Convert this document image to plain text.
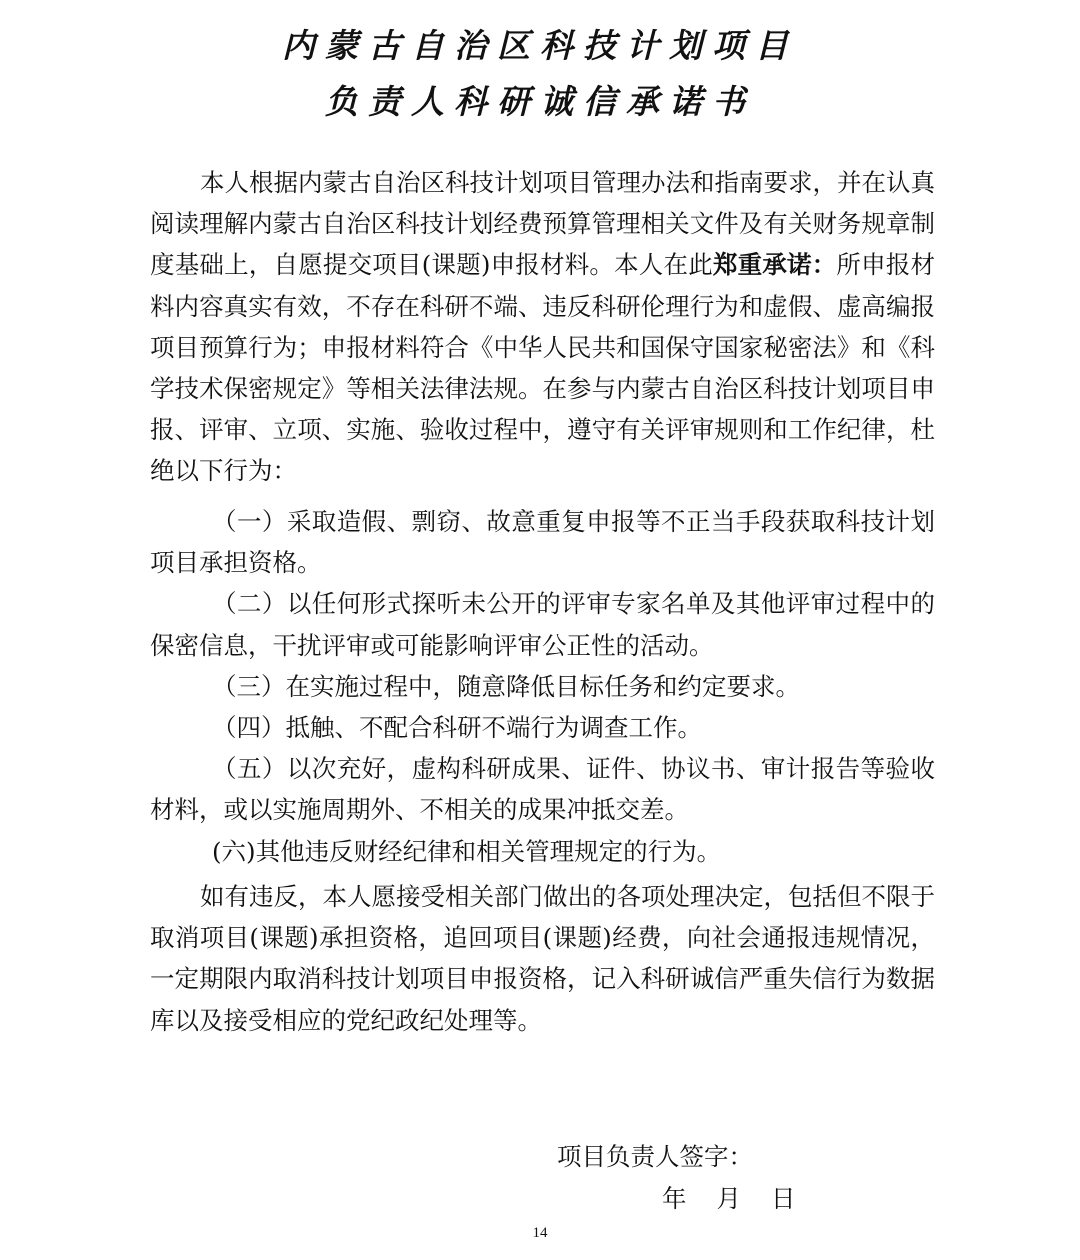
内蒙古自治区科技计划项目
负责人科研诚信承诺书

本人根据内蒙古自治区科技计划项目管理办法和指南要求，并在认真阅读理解内蒙古自治区科技计划经费预算管理相关文件及有关财务规章制度基础上，自愿提交项目(课题)申报材料。本人在此郑重承诺：所申报材料内容真实有效，不存在科研不端、违反科研伦理行为和虚假、虚高编报项目预算行为；申报材料符合《中华人民共和国保守国家秘密法》和《科学技术保密规定》等相关法律法规。在参与内蒙古自治区科技计划项目申报、评审、立项、实施、验收过程中，遵守有关评审规则和工作纪律，杜绝以下行为：

（一）采取造假、剽窃、故意重复申报等不正当手段获取科技计划项目承担资格。

（二）以任何形式探听未公开的评审专家名单及其他评审过程中的保密信息，干扰评审或可能影响评审公正性的活动。

（三）在实施过程中，随意降低目标任务和约定要求。

（四）抵触、不配合科研不端行为调查工作。

（五）以次充好，虚构科研成果、证件、协议书、审计报告等验收材料，或以实施周期外、不相关的成果冲抵交差。

(六)其他违反财经纪律和相关管理规定的行为。

如有违反，本人愿接受相关部门做出的各项处理决定，包括但不限于取消项目(课题)承担资格，追回项目(课题)经费，向社会通报违规情况，一定期限内取消科技计划项目申报资格，记入科研诚信严重失信行为数据库以及接受相应的党纪政纪处理等。

项目负责人签字：
年 月 日
14
